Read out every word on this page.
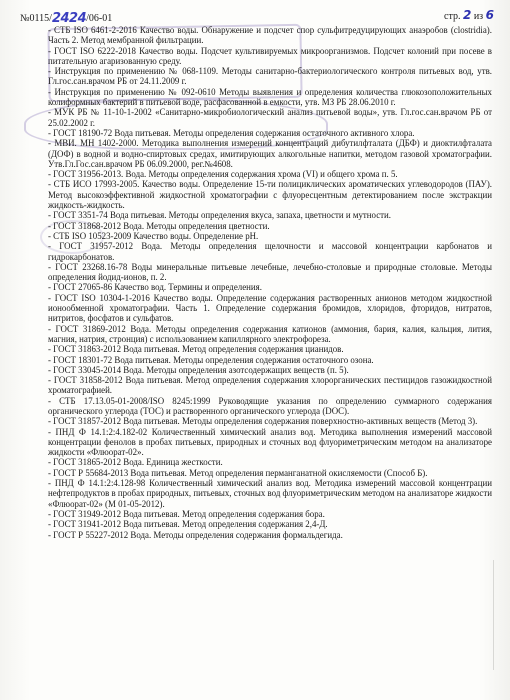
№0115/2424/06-01	стр. 2 из 6

- СТБ ISO 6461-2-2016 Качество воды. Обнаружение и подсчет спор сульфитредуцирующих анаэробов (clostridia). Часть 2. Метод мембранной фильтрации.

- ГОСТ ISO 6222-2018 Качество воды. Подсчет культивируемых микроорганизмов. Подсчет колоний при посеве в питательную агаризованную среду.

- Инструкция по применению № 068-1109. Методы санитарно-бактериологического контроля питьевых вод, утв. Гл.гос.сан.врачом РБ от 24.11.2009 г.

- Инструкция по применению № 092-0610 Методы выявления и определения количества глюкозоположительных колиформных бактерий в питьевой воде, расфасованной в емкости, утв. МЗ РБ 28.06.2010 г.

- МУК РБ № 11-10-1-2002 «Санитарно-микробиологический анализ питьевой воды», утв. Гл.гос.сан.врачом РБ от 25.02.2002 г.

- ГОСТ 18190-72 Вода питьевая. Методы определения содержания остаточного активного хлора.

- МВИ. МН 1402-2000. Методика выполнения измерений концентраций дибутилфталата (ДБФ) и диоктилфталата (ДОФ) в водной и водно-спиртовых средах, имитирующих алкогольные напитки, методом газовой хроматографии. Утв.Гл.Гос.сан.врачом РБ 06.09.2000, рег.№4608.

- ГОСТ 31956-2013. Вода. Методы определения содержания хрома (VI) и общего хрома п. 5.

- СТБ ИСО 17993-2005. Качество воды. Определение 15-ти полициклических ароматических углеводородов (ПАУ). Метод высокоэффективной жидкостной хроматографии с флуоресцентным детектированием после экстракции жидкость-жидкость.

- ГОСТ 3351-74 Вода питьевая. Методы определения вкуса, запаха, цветности и мутности.

- ГОСТ 31868-2012 Вода. Методы определения цветности.

- СТБ ISO 10523-2009 Качество воды. Определение pH.

- ГОСТ 31957-2012 Вода. Методы определения щелочности и массовой концентрации карбонатов и гидрокарбонатов.

- ГОСТ 23268.16-78 Воды минеральные питьевые лечебные, лечебно-столовые и природные столовые. Методы определения йодид-ионов, п. 2.

- ГОСТ 27065-86 Качество вод. Термины и определения.

- ГОСТ ISO 10304-1-2016 Качество воды. Определение содержания растворенных анионов методом жидкостной ионообменной хроматографии. Часть 1. Определение содержания бромидов, хлоридов, фторидов, нитратов, нитритов, фосфатов и сульфатов.

- ГОСТ 31869-2012 Вода. Методы определения содержания катионов (аммония, бария, калия, кальция, лития, магния, натрия, стронция) с использованием капиллярного электрофореза.

- ГОСТ 31863-2012 Вода питьевая. Метод определения содержания цианидов.

- ГОСТ 18301-72 Вода питьевая. Методы определения содержания остаточного озона.

- ГОСТ 33045-2014 Вода. Методы определения азотсодержащих веществ (п. 5).

- ГОСТ 31858-2012 Вода питьевая. Метод определения содержания хлорорганических пестицидов газожидкостной хроматографией.

- СТБ 17.13.05-01-2008/ISO 8245:1999 Руководящие указания по определению суммарного содержания органического углерода (ТОС) и растворенного органического углерода (DOC).

- ГОСТ 31857-2012 Вода питьевая. Методы определения содержания поверхностно-активных веществ (Метод 3).

- ПНД Ф 14.1:2:4.182-02 Количественный химический анализ вод. Методика выполнения измерений массовой концентрации фенолов в пробах питьевых, природных и сточных вод флуориметрическим методом на анализаторе жидкости «Флюорат-02».

- ГОСТ 31865-2012 Вода. Единица жесткости.

- ГОСТ Р 55684-2013 Вода питьевая. Метод определения перманганатной окисляемости (Способ Б).

- ПНД Ф 14.1:2:4.128-98 Количественный химический анализ вод. Методика измерений массовой концентрации нефтепродуктов в пробах природных, питьевых, сточных вод флуориметрическим методом на анализаторе жидкости «Флюорат-02» (М 01-05-2012).

- ГОСТ 31949-2012 Вода питьевая. Метод определения содержания бора.

- ГОСТ 31941-2012 Вода питьевая. Метод определения содержания 2,4-Д.

- ГОСТ Р 55227-2012 Вода. Методы определения содержания формальдегида.
